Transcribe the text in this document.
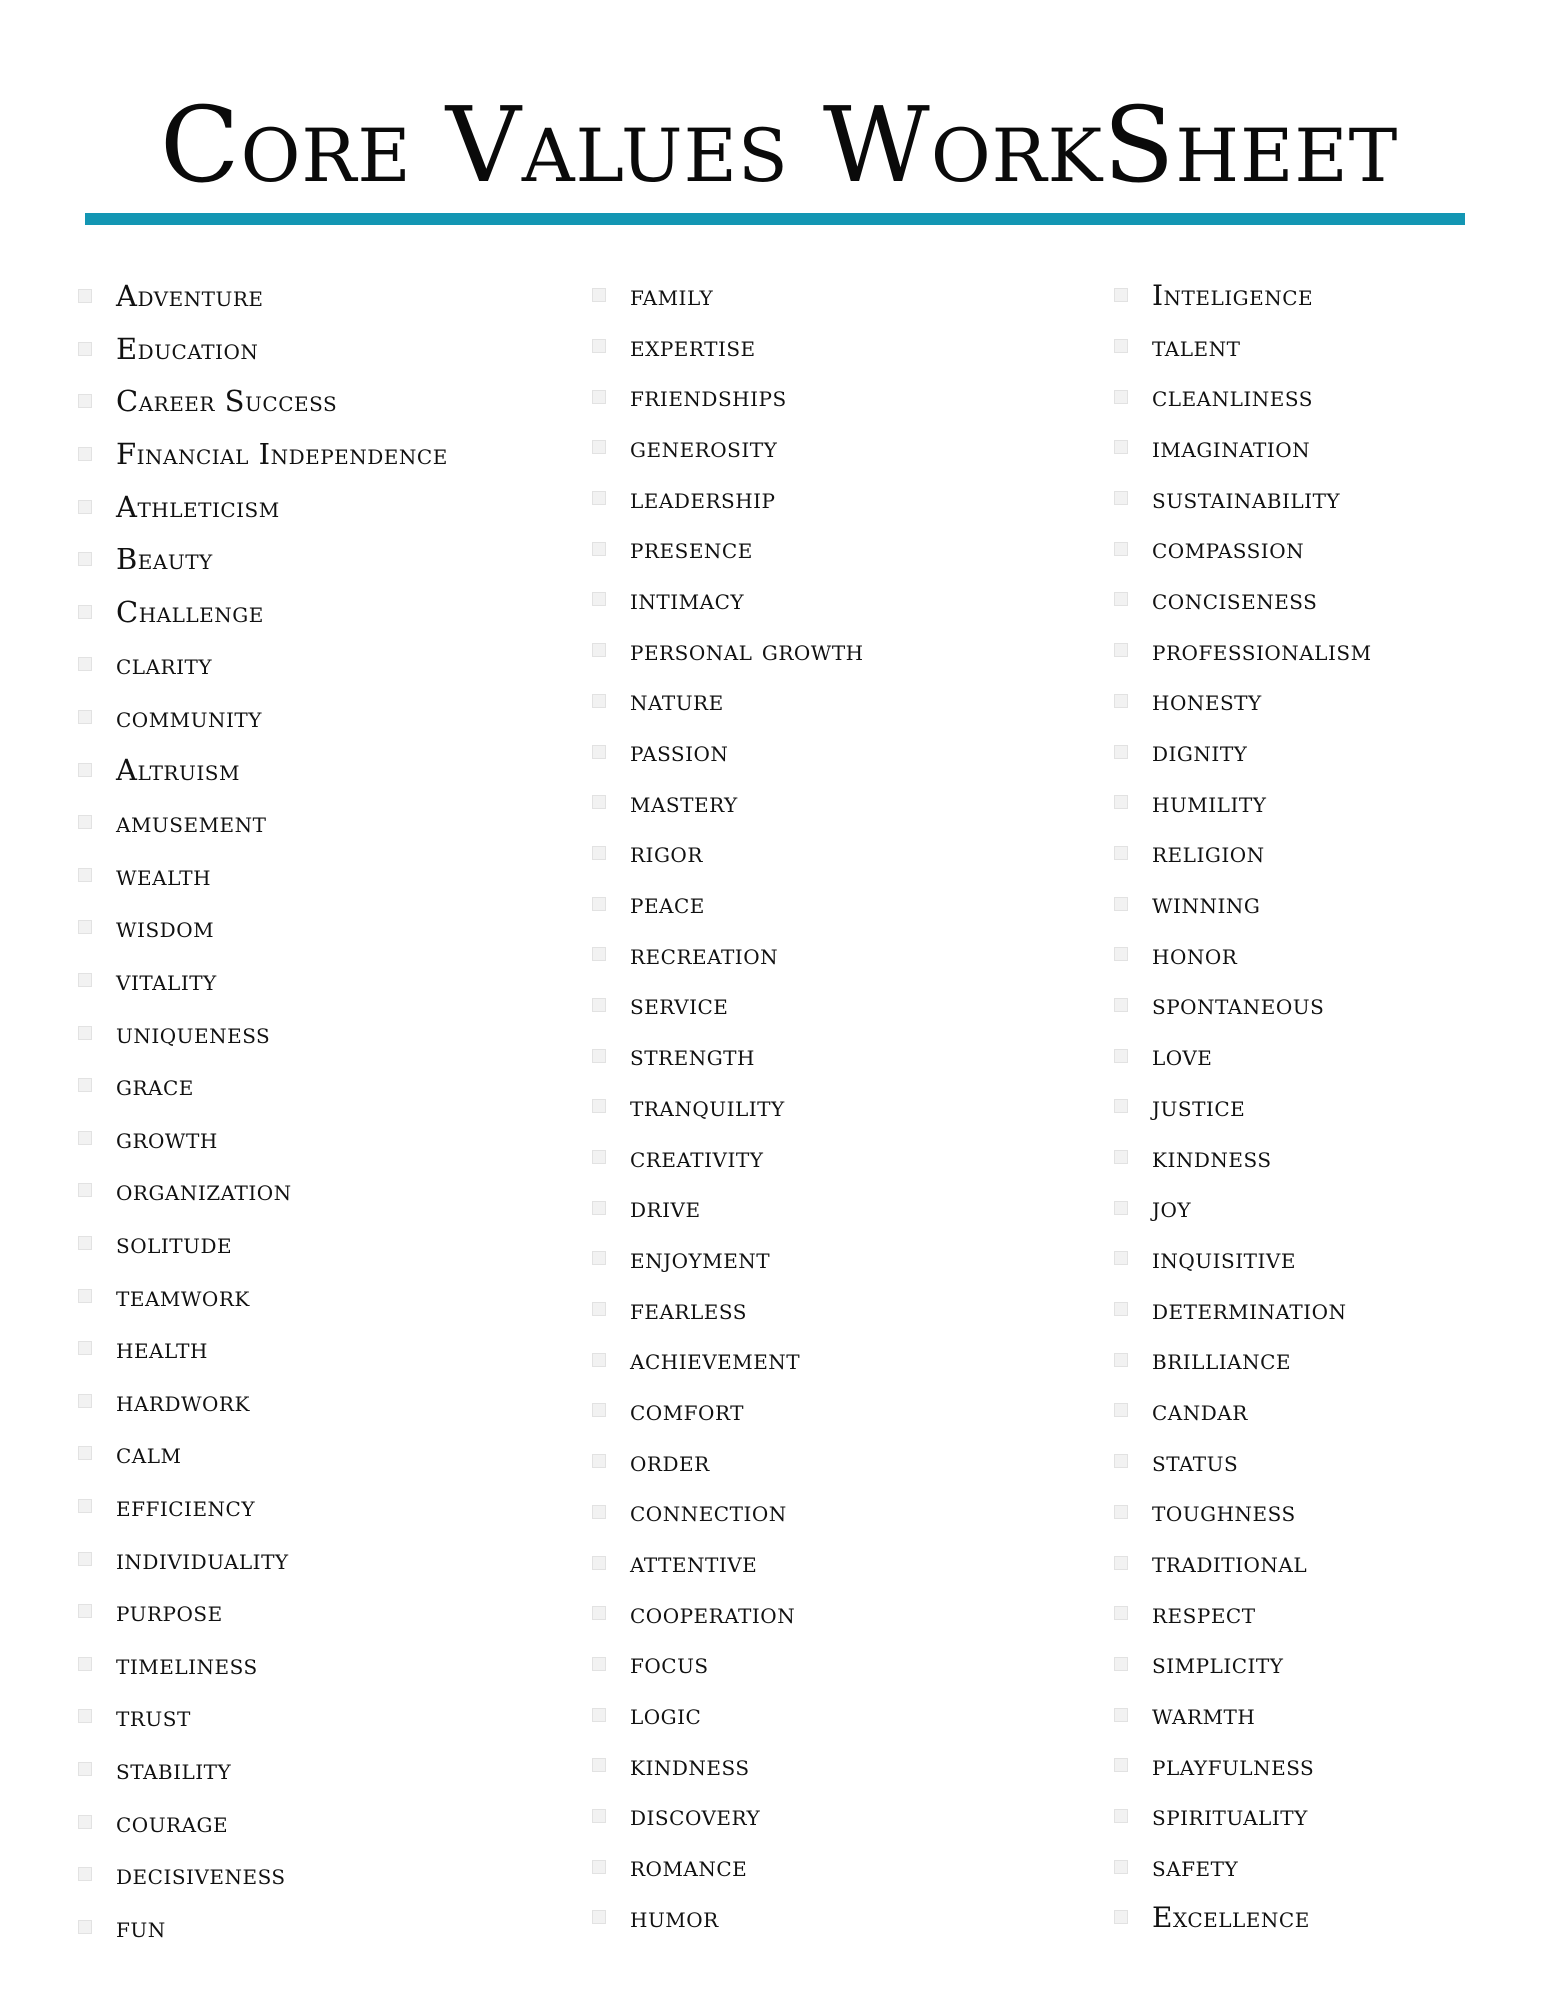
Core Values WorkSheet
Adventure
Education
Career Success
Financial Independence
Athleticism
Beauty
Challenge
clarity
community
Altruism
amusement
wealth
wisdom
vitality
uniqueness
grace
growth
organization
solitude
teamwork
health
hardwork
calm
efficiency
individuality
purpose
timeliness
trust
stability
courage
decisiveness
fun
family
expertise
friendships
generosity
leadership
presence
intimacy
personal growth
nature
passion
mastery
rigor
peace
recreation
service
strength
tranquility
creativity
drive
enjoyment
fearless
achievement
comfort
order
connection
attentive
cooperation
focus
logic
kindness
discovery
romance
humor
Inteligence
talent
cleanliness
imagination
sustainability
compassion
conciseness
professionalism
honesty
dignity
humility
religion
winning
honor
spontaneous
love
justice
kindness
joy
inquisitive
determination
brilliance
candar
status
toughness
traditional
respect
simplicity
warmth
playfulness
spirituality
safety
Excellence
